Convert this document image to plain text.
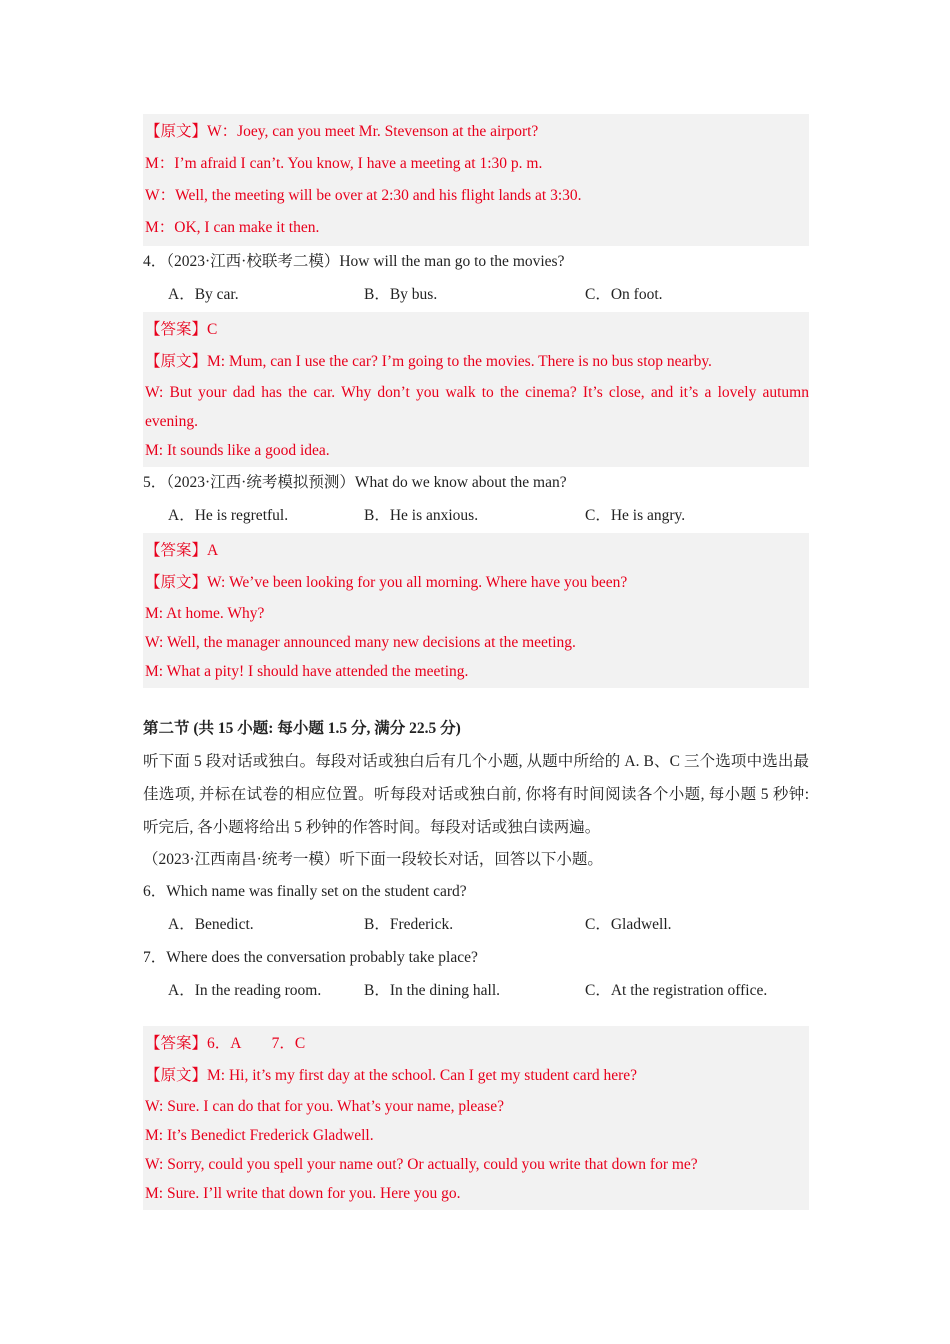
【原文】W：Joey, can you meet Mr. Stevenson at the airport?
M：I’m afraid I can’t. You know, I have a meeting at 1:30 p. m.
W：Well, the meeting will be over at 2:30 and his flight lands at 3:30.
M：OK, I can make it then.
4．（2023·江西·校联考二模）How will the man go to the movies?
A．By car.	B．By bus.	C．On foot.
【答案】C
【原文】M: Mum, can I use the car? I’m going to the movies. There is no bus stop nearby.
W: But your dad has the car. Why don’t you walk to the cinema? It’s close, and it’s a lovely autumn evening.
M: It sounds like a good idea.
5．（2023·江西·统考模拟预测）What do we know about the man?
A．He is regretful.	B．He is anxious.	C．He is angry.
【答案】A
【原文】W: We’ve been looking for you all morning. Where have you been?
M: At home. Why?
W: Well, the manager announced many new decisions at the meeting.
M: What a pity! I should have attended the meeting.
第二节 (共 15 小题: 每小题 1.5 分, 满分 22.5 分)
听下面 5 段对话或独白。每段对话或独白后有几个小题, 从题中所给的 A. B、C 三个选项中选出最佳选项, 并标在试卷的相应位置。听每段对话或独白前, 你将有时间阅读各个小题, 每小题 5 秒钟: 听完后, 各小题将给出 5 秒钟的作答时间。每段对话或独白读两遍。
（2023·江西南昌·统考一模）听下面一段较长对话，回答以下小题。
6．Which name was finally set on the student card?
A．Benedict.	B．Frederick.	C．Gladwell.
7．Where does the conversation probably take place?
A．In the reading room.	B．In the dining hall.	C．At the registration office.
【答案】6．A　　7．C
【原文】M: Hi, it’s my first day at the school. Can I get my student card here?
W: Sure. I can do that for you. What’s your name, please?
M: It’s Benedict Frederick Gladwell.
W: Sorry, could you spell your name out? Or actually, could you write that down for me?
M: Sure. I’ll write that down for you. Here you go.
